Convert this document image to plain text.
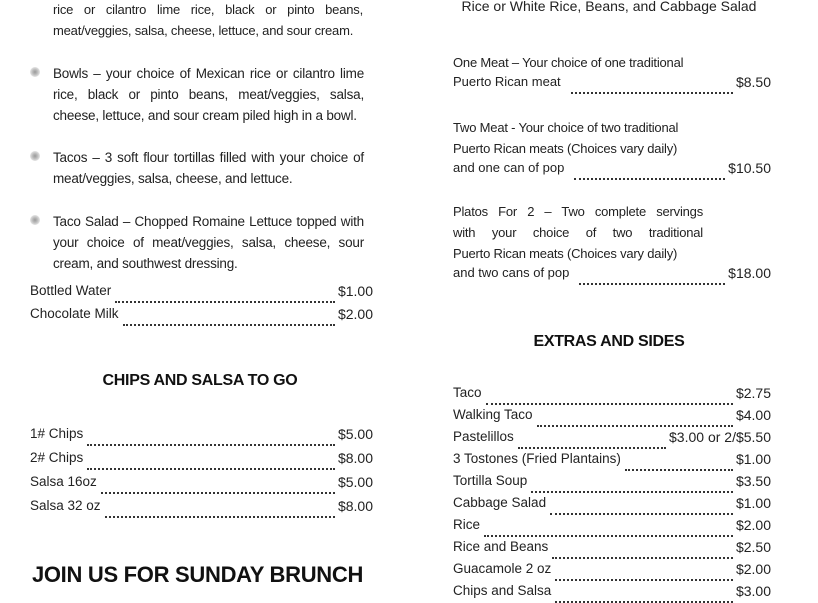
rice or cilantro lime rice, black or pinto beans,
meat/veggies, salsa, cheese, lettuce, and sour cream.
Bowls – your choice of Mexican rice or cilantro lime rice, black or pinto beans, meat/veggies, salsa, cheese, lettuce, and sour cream piled high in a bowl.
Tacos – 3 soft flour tortillas filled with your choice of meat/veggies, salsa, cheese, and lettuce.
Taco Salad – Chopped Romaine Lettuce topped with your choice of meat/veggies, salsa, cheese, sour cream, and southwest dressing.
Bottled Water	$1.00
Chocolate Milk	$2.00
CHIPS AND SALSA TO GO
1# Chips	$5.00
2# Chips	$8.00
Salsa 16oz	$5.00
Salsa 32 oz	$8.00
JOIN US FOR SUNDAY BRUNCH
Rice or White Rice, Beans, and Cabbage Salad
One Meat – Your choice of one traditional
Puerto Rican meat	$8.50
Two Meat - Your choice of two traditional
Puerto Rican meats (Choices vary daily)
and one can of pop	$10.50
Platos For 2 – Two complete servings
with your choice of two traditional
Puerto Rican meats (Choices vary daily)
and two cans of pop	$18.00
EXTRAS AND SIDES
Taco	$2.75
Walking Taco	$4.00
Pastelillos	$3.00 or 2/$5.50
3 Tostones (Fried Plantains)	$1.00
Tortilla Soup	$3.50
Cabbage Salad	$1.00
Rice	$2.00
Rice and Beans	$2.50
Guacamole 2 oz	$2.00
Chips and Salsa	$3.00
